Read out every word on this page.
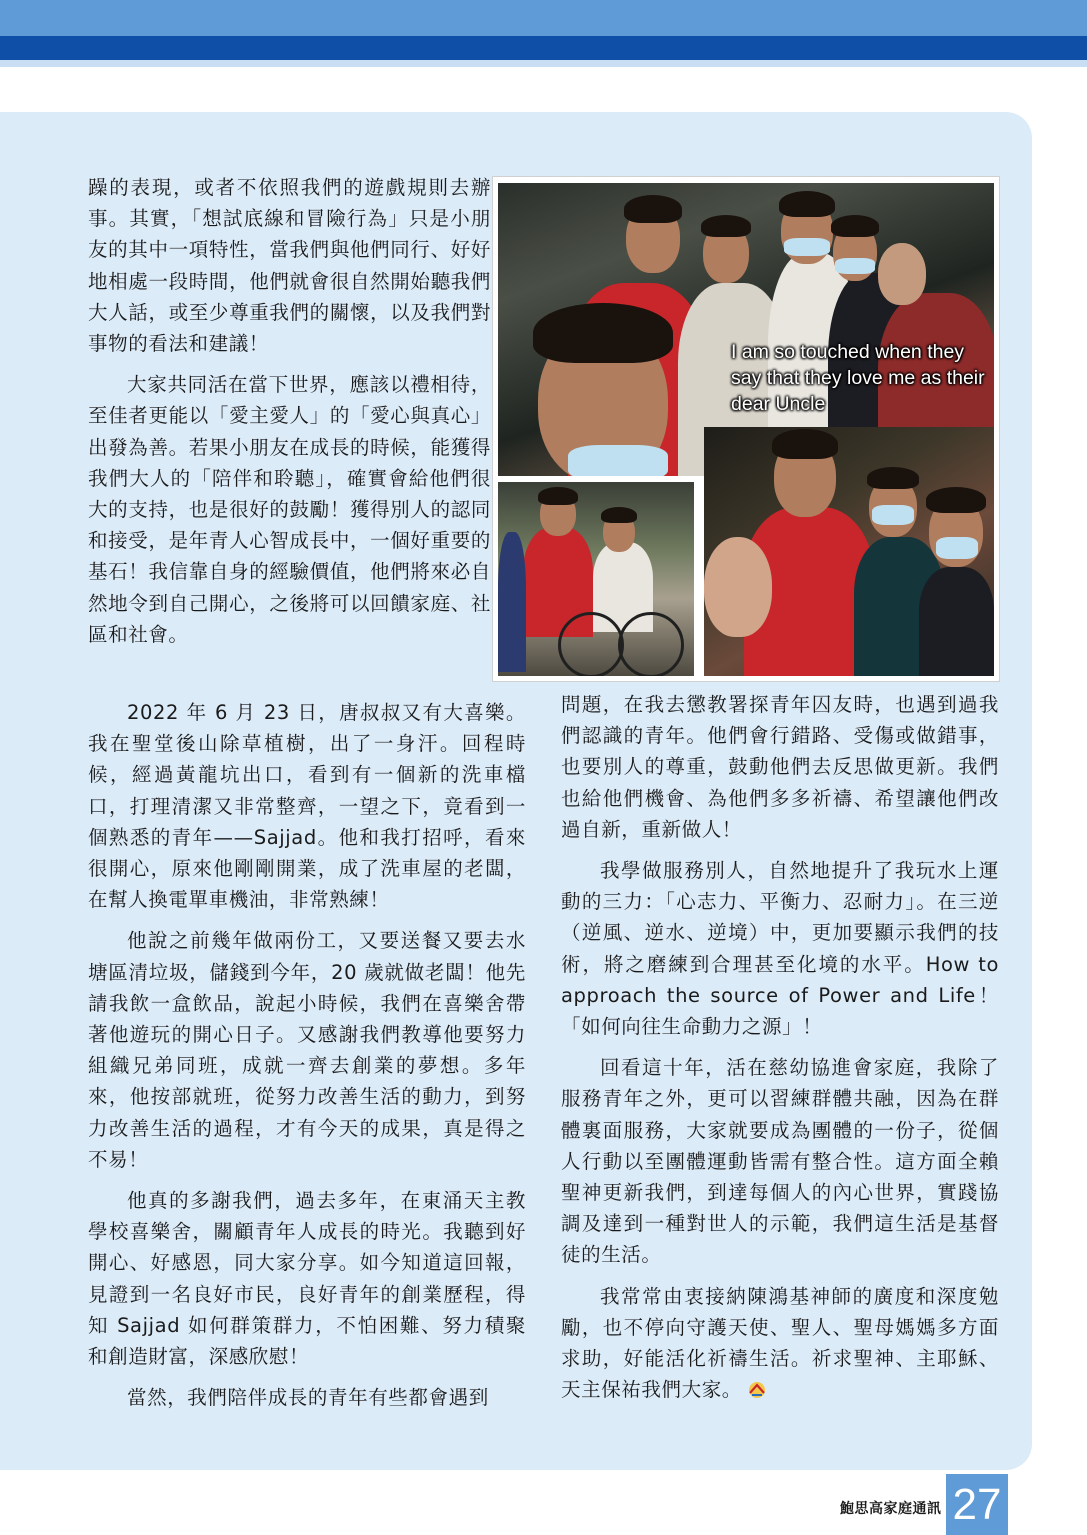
躁的表現，或者不依照我們的遊戲規則去辦事。其實，「想試底線和冒險行為」只是小朋友的其中一項特性，當我們與他們同行、好好地相處一段時間，他們就會很自然開始聽我們大人話，或至少尊重我們的關懷，以及我們對事物的看法和建議！

大家共同活在當下世界，應該以禮相待，至佳者更能以「愛主愛人」的「愛心與真心」出發為善。若果小朋友在成長的時候，能獲得我們大人的「陪伴和聆聽」，確實會給他們很大的支持，也是很好的鼓勵！獲得別人的認同和接受，是年青人心智成長中，一個好重要的基石！我信靠自身的經驗價值，他們將來必自然地令到自己開心，之後將可以回饋家庭、社區和社會。

I am so touched when they say that they love me as their dear Uncle

2022 年 6 月 23 日，唐叔叔又有大喜樂。我在聖堂後山除草植樹，出了一身汗。回程時候，經過黃龍坑出口，看到有一個新的洗車檔口，打理清潔又非常整齊，一望之下，竟看到一個熟悉的青年——Sajjad。他和我打招呼，看來很開心，原來他剛剛開業，成了洗車屋的老闆，在幫人換電單車機油，非常熟練！

他說之前幾年做兩份工，又要送餐又要去水塘區清垃圾，儲錢到今年，20 歲就做老闆！他先請我飲一盒飲品，說起小時候，我們在喜樂舍帶著他遊玩的開心日子。又感謝我們教導他要努力組織兄弟同班，成就一齊去創業的夢想。多年來，他按部就班，從努力改善生活的動力，到努力改善生活的過程，才有今天的成果，真是得之不易！

他真的多謝我們，過去多年，在東涌天主教學校喜樂舍，關顧青年人成長的時光。我聽到好開心、好感恩，同大家分享。如今知道這回報，見證到一名良好市民，良好青年的創業歷程，得知 Sajjad 如何群策群力，不怕困難、努力積聚和創造財富，深感欣慰！

當然，我們陪伴成長的青年有些都會遇到

問題，在我去懲教署探青年囚友時，也遇到過我們認識的青年。他們會行錯路、受傷或做錯事，也要別人的尊重，鼓動他們去反思做更新。我們也給他們機會、為他們多多祈禱、希望讓他們改過自新，重新做人！

我學做服務別人，自然地提升了我玩水上運動的三力：「心志力、平衡力、忍耐力」。在三逆（逆風、逆水、逆境）中，更加要顯示我們的技術，將之磨練到合理甚至化境的水平。How to approach the source of Power and Life！「如何向往生命動力之源」！

回看這十年，活在慈幼協進會家庭，我除了服務青年之外，更可以習練群體共融，因為在群體裏面服務，大家就要成為團體的一份子，從個人行動以至團體運動皆需有整合性。這方面全賴聖神更新我們，到達每個人的內心世界，實踐協調及達到一種對世人的示範，我們這生活是基督徒的生活。

我常常由衷接納陳鴻基神師的廣度和深度勉勵，也不停向守護天使、聖人、聖母媽媽多方面求助，好能活化祈禱生活。祈求聖神、主耶穌、天主保祐我們大家。

鮑思高家庭通訊 27
